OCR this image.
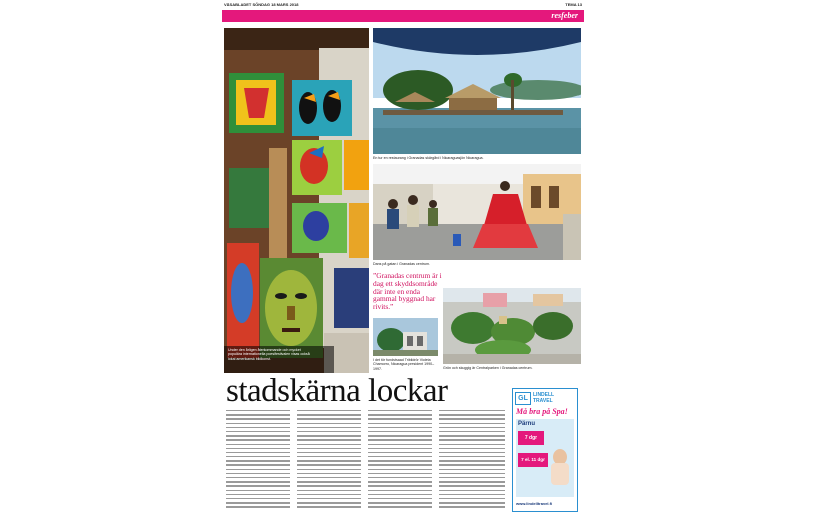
VÄSABLADET SÖNDAG 18 MARS 2018	TEMA 13
resfeber
Under den årligen återkommande och mycket populära internationella poesifestivalen visas också lokal amerikansk bildkonst.
En tur en restaurang i Granadas skärgård i Nicaraguasjön Nicaragua.
Dans på gatan i Granadas centrum.
”Granadas centrum är i dag ett skyddsområde där inte en enda gammal byggnad har rivits.”
I det tör fundstsaad Tribildrör Violeta Chamorro, Nicaragua president 1990–1997.	Grön och skuggig är Centralparken i Granadas centrum.
stadskärna lockar	GL	LINDELL
TRAVEL
Må bra på Spa!
Pärnu
7 dgr
7 el. 11 dgr
www.lindelltravel.fi
